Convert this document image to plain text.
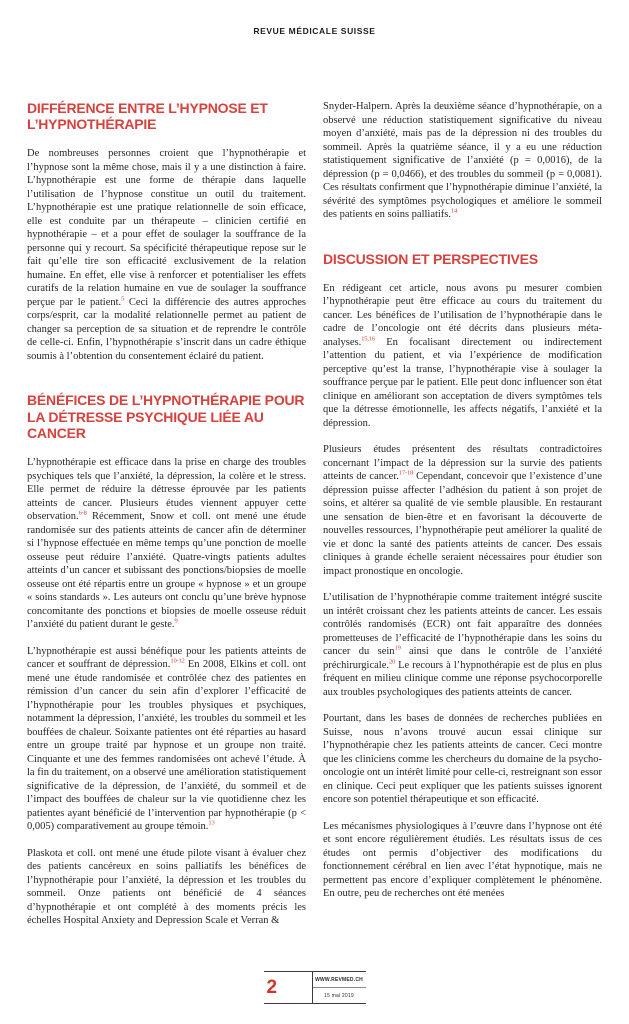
REVUE MÉDICALE SUISSE
DIFFÉRENCE ENTRE L’HYPNOSE ET L’HYPNOTHÉRAPIE

De nombreuses personnes croient que l’hypnothérapie et l’hypnose sont la même chose, mais il y a une distinction à faire. L’hypnothérapie est une forme de thérapie dans laquelle l’utilisation de l’hypnose constitue un outil du traitement. L’hypnothérapie est une pratique relationnelle de soin efficace, elle est conduite par un thérapeute – clinicien certifié en hypnothérapie – et a pour effet de soulager la souffrance de la personne qui y recourt. Sa spécificité thérapeutique repose sur le fait qu’elle tire son efficacité exclusivement de la relation humaine. En effet, elle vise à renforcer et potentialiser les effets curatifs de la relation humaine en vue de soulager la souffrance perçue par le patient.$^5$ Ceci la différencie des autres approches corps/esprit, car la modalité relationnelle permet au patient de changer sa perception de sa situation et de reprendre le contrôle de celle-ci. Enfin, l’hypnothérapie s’inscrit dans un cadre éthique soumis à l’obtention du consentement éclairé du patient.

BÉNÉFICES DE L’HYPNOTHÉRAPIE POUR LA DÉTRESSE PSYCHIQUE LIÉE AU CANCER

L’hypnothérapie est efficace dans la prise en charge des troubles psychiques tels que l’anxiété, la dépression, la colère et le stress. Elle permet de réduire la détresse éprouvée par les patients atteints de cancer. Plusieurs études viennent appuyer cette observation.$^{6-8}$ Récemment, Snow et coll. ont mené une étude randomisée sur des patients atteints de cancer afin de déterminer si l’hypnose effectuée en même temps qu’une ponction de moelle osseuse peut réduire l’anxiété. Quatre-vingts patients adultes atteints d’un cancer et subissant des ponctions/biopsies de moelle osseuse ont été répartis entre un groupe « hypnose » et un groupe « soins standards ». Les auteurs ont conclu qu’une brève hypnose concomitante des ponctions et biopsies de moelle osseuse réduit l’anxiété du patient durant le geste.$^9$

L’hypnothérapie est aussi bénéfique pour les patients atteints de cancer et souffrant de dépression.$^{10-12}$ En 2008, Elkins et coll. ont mené une étude randomisée et contrôlée chez des patientes en rémission d’un cancer du sein afin d’explorer l’efficacité de l’hypnothérapie pour les troubles physiques et psychiques, notamment la dépression, l’anxiété, les troubles du sommeil et les bouffées de chaleur. Soixante patientes ont été réparties au hasard entre un groupe traité par hypnose et un groupe non traité. Cinquante et une des femmes randomisées ont achevé l’étude. À la fin du traitement, on a observé une amélioration statistiquement significative de la dépression, de l’anxiété, du sommeil et de l’impact des bouffées de chaleur sur la vie quotidienne chez les patientes ayant bénéficié de l’intervention par hypnothérapie (p < 0,005) comparativement au groupe témoin.$^{13}$

Plaskota et coll. ont mené une étude pilote visant à évaluer chez des patients cancéreux en soins palliatifs les bénéfices de l’hypnothérapie pour l’anxiété, la dépression et les troubles du sommeil. Onze patients ont bénéficié de 4 séances d’hypnothérapie et ont complété à des moments précis les échelles Hospital Anxiety and Depression Scale et Verran &

Snyder-Halpern. Après la deuxième séance d’hypnothérapie, on a observé une réduction statistiquement significative du niveau moyen d’anxiété, mais pas de la dépression ni des troubles du sommeil. Après la quatrième séance, il y a eu une réduction statistiquement significative de l’anxiété (p = 0,0016), de la dépression (p = 0,0466), et des troubles du sommeil (p = 0,0081). Ces résultats confirment que l’hypnothérapie diminue l’anxiété, la sévérité des symptômes psychologiques et améliore le sommeil des patients en soins palliatifs.$^{14}$

DISCUSSION ET PERSPECTIVES

En rédigeant cet article, nous avons pu mesurer combien l’hypnothérapie peut être efficace au cours du traitement du cancer. Les bénéfices de l’utilisation de l’hypnothérapie dans le cadre de l’oncologie ont été décrits dans plusieurs méta-analyses.$^{15,16}$ En focalisant directement ou indirectement l’attention du patient, et via l’expérience de modification perceptive qu’est la transe, l’hypnothérapie vise à soulager la souffrance perçue par le patient. Elle peut donc influencer son état clinique en améliorant son acceptation de divers symptômes tels que la détresse émotionnelle, les affects négatifs, l’anxiété et la dépression.

Plusieurs études présentent des résultats contradictoires concernant l’impact de la dépression sur la survie des patients atteints de cancer.$^{17-18}$ Cependant, concevoir que l’existence d’une dépression puisse affecter l’adhésion du patient à son projet de soins, et altérer sa qualité de vie semble plausible. En restaurant une sensation de bien-être et en favorisant la découverte de nouvelles ressources, l’hypnothérapie peut améliorer la qualité de vie et donc la santé des patients atteints de cancer. Des essais cliniques à grande échelle seraient nécessaires pour étudier son impact pronostique en oncologie.

L’utilisation de l’hypnothérapie comme traitement intégré suscite un intérêt croissant chez les patients atteints de cancer. Les essais contrôlés randomisés (ECR) ont fait apparaître des données prometteuses de l’efficacité de l’hypnothérapie dans les soins du cancer du sein$^{19}$ ainsi que dans le contrôle de l’anxiété préchirurgicale.$^{20}$ Le recours à l’hypnothérapie est de plus en plus fréquent en milieu clinique comme une réponse psychocorporelle aux troubles psychologiques des patients atteints de cancer.

Pourtant, dans les bases de données de recherches publiées en Suisse, nous n’avons trouvé aucun essai clinique sur l’hypnothérapie chez les patients atteints de cancer. Ceci montre que les cliniciens comme les chercheurs du domaine de la psycho-oncologie ont un intérêt limité pour celle-ci, restreignant son essor en clinique. Ceci peut expliquer que les patients suisses ignorent encore son potentiel thérapeutique et son efficacité.

Les mécanismes physiologiques à l’œuvre dans l’hypnose ont été et sont encore régulièrement étudiés. Les résultats issus de ces études ont permis d’objectiver des modifications du fonctionnement cérébral en lien avec l’état hypnotique, mais ne permettent pas encore d’expliquer complètement le phénomène. En outre, peu de recherches ont été menées

2	WWW.REVMED.CH
15 mai 2019
